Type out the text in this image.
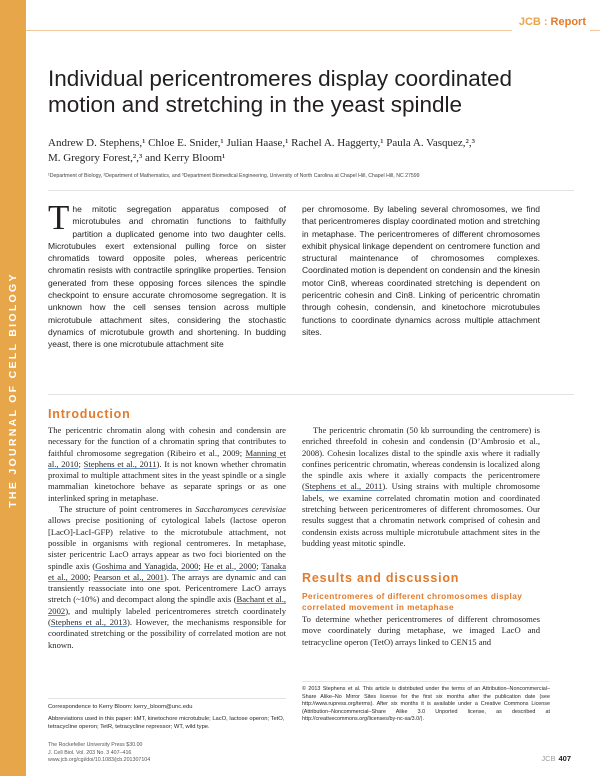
THE JOURNAL OF CELL BIOLOGY
JCB : Report
Individual pericentromeres display coordinated motion and stretching in the yeast spindle
Andrew D. Stephens,¹ Chloe E. Snider,¹ Julian Haase,¹ Rachel A. Haggerty,¹ Paula A. Vasquez,²,³
M. Gregory Forest,²,³ and Kerry Bloom¹
¹Department of Biology, ²Department of Mathematics, and ³Department Biomedical Engineering, University of North Carolina at Chapel Hill, Chapel Hill, NC 27599
The mitotic segregation apparatus composed of microtubules and chromatin functions to faithfully partition a duplicated genome into two daughter cells. Microtubules exert extensional pulling force on sister chromatids toward opposite poles, whereas pericentric chromatin resists with contractile springlike properties. Tension generated from these opposing forces silences the spindle checkpoint to ensure accurate chromosome segregation. It is unknown how the cell senses tension across multiple microtubule attachment sites, considering the stochastic dynamics of microtubule growth and shortening. In budding yeast, there is one microtubule attachment site
per chromosome. By labeling several chromosomes, we find that pericentromeres display coordinated motion and stretching in metaphase. The pericentromeres of different chromosomes exhibit physical linkage dependent on centromere function and structural maintenance of chromosomes complexes. Coordinated motion is dependent on condensin and the kinesin motor Cin8, whereas coordinated stretching is dependent on pericentric cohesin and Cin8. Linking of pericentric chromatin through cohesin, condensin, and kinetochore microtubules functions to coordinate dynamics across multiple attachment sites.
Introduction

The pericentric chromatin along with cohesin and condensin are necessary for the function of a chromatin spring that contributes to faithful chromosome segregation (Ribeiro et al., 2009; Manning et al., 2010; Stephens et al., 2011). It is not known whether chromatin proximal to multiple attachment sites in the yeast spindle or a single mammalian kinetochore behave as separate springs or as one interlinked spring in metaphase.

The structure of point centromeres in Saccharomyces cerevisiae allows precise positioning of cytological labels (lactose operon [LacO]-LacI-GFP) relative to the microtubule attachment, not possible in organisms with regional centromeres. In metaphase, sister pericentric LacO arrays appear as two foci bioriented on the spindle axis (Goshima and Yanagida, 2000; He et al., 2000; Tanaka et al., 2000; Pearson et al., 2001). The arrays are dynamic and can transiently reassociate into one spot. Pericentromere LacO arrays stretch (~10%) and decompact along the spindle axis (Bachant et al., 2002), and multiply labeled pericentromeres stretch coordinately (Stephens et al., 2013). However, the mechanisms responsible for coordinated stretching or the possibility of correlated motion are not known.

The pericentric chromatin (50 kb surrounding the centromere) is enriched threefold in cohesin and condensin (D’Ambrosio et al., 2008). Cohesin localizes distal to the spindle axis where it radially confines pericentric chromatin, whereas condensin is localized along the spindle axis where it axially compacts the pericentromere (Stephens et al., 2011). Using strains with multiple chromosome labels, we examine correlated chromatin motion and coordinated stretching between pericentromeres of different chromosomes. Our results suggest that a chromatin network comprised of cohesin and condensin exists across multiple microtubule attachment sites in the budding yeast mitotic spindle.

Results and discussion
Pericentromeres of different chromosomes display correlated movement in metaphase

To determine whether pericentromeres of different chromosomes move coordinately during metaphase, we imaged LacO and tetracycline operon (TetO) arrays linked to CEN15 and

Correspondence to Kerry Bloom: kerry_bloom@unc.edu
Abbreviations used in this paper: kMT, kinetochore microtubule; LacO, lactose operon; TetO, tetracycline operon; TetR, tetracycline repressor; WT, wild type.
© 2013 Stephens et al. This article is distributed under the terms of an Attribution–Noncommercial–Share Alike–No Mirror Sites license for the first six months after the publication date (see http://www.rupress.org/terms). After six months it is available under a Creative Commons License (Attribution–Noncommercial–Share Alike 3.0 Unported license, as described at http://creativecommons.org/licenses/by-nc-sa/3.0/).
The Rockefeller University Press $30.00
J. Cell Biol. Vol. 203 No. 3 407–416
www.jcb.org/cgi/doi/10.1083/jcb.201307104	JCB 407
